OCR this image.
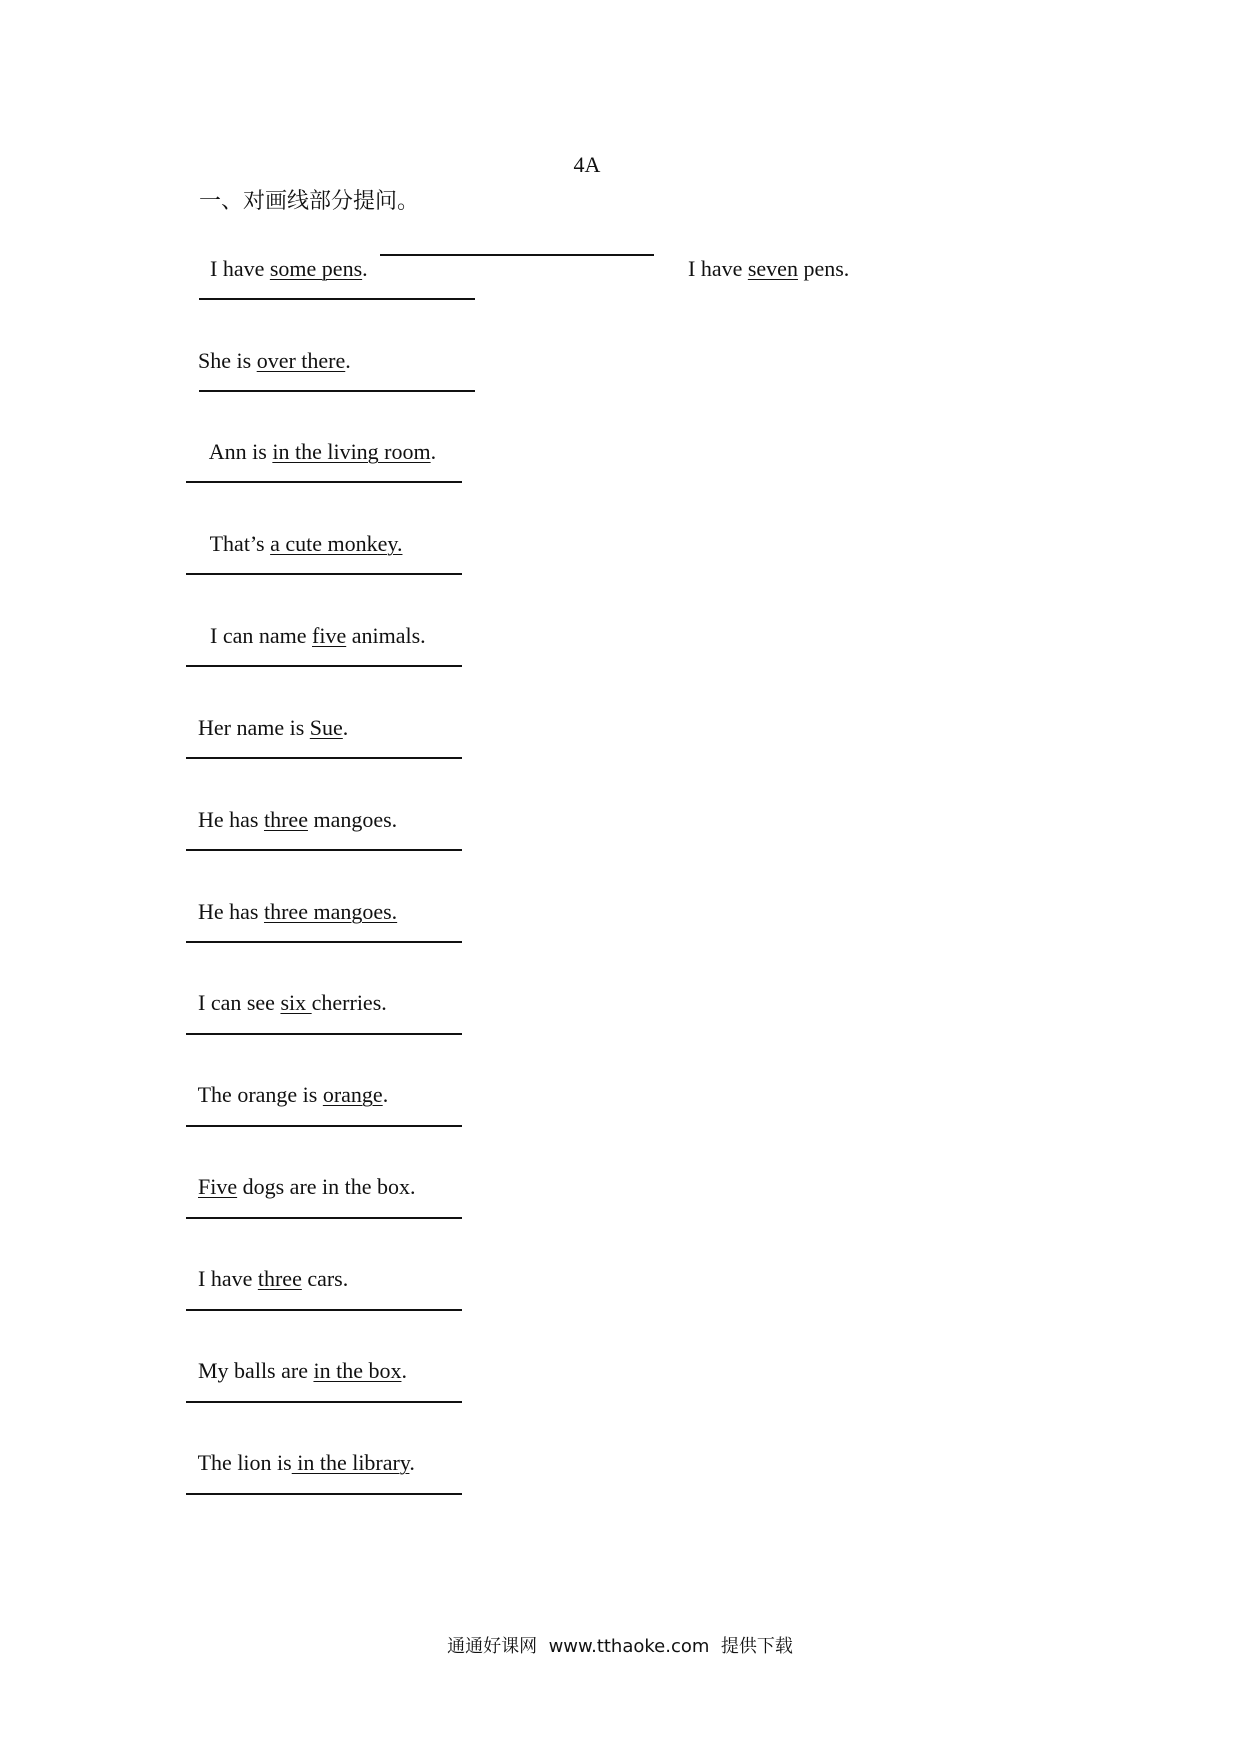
4A
一、对画线部分提问。

I have some pens.	I have seven pens.

She is over there.

Ann is in the living room.

That’s a cute monkey.

I can name five animals.

Her name is Sue.

He has three mangoes.

He has three mangoes.

I can see six cherries.

The orange is orange.

Five dogs are in the box.

I have three cars.

My balls are in the box.

The lion is in the library.

通通好课网  www.tthaoke.com  提供下载
